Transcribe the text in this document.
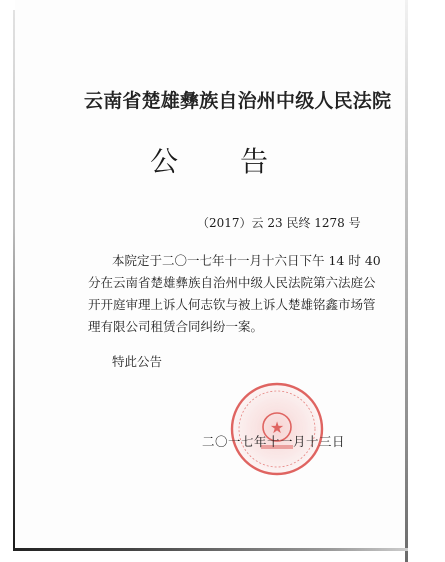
云南省楚雄彝族自治州中级人民法院
公告
（2017）云 23 民终 1278 号
本院定于二〇一七年十一月十六日下午 14 时 40
分在云南省楚雄彝族自治州中级人民法院第六法庭公
开开庭审理上诉人何志钦与被上诉人楚雄铭鑫市场管
理有限公司租赁合同纠纷一案。
特此公告
★
二〇一七年十一月十三日
